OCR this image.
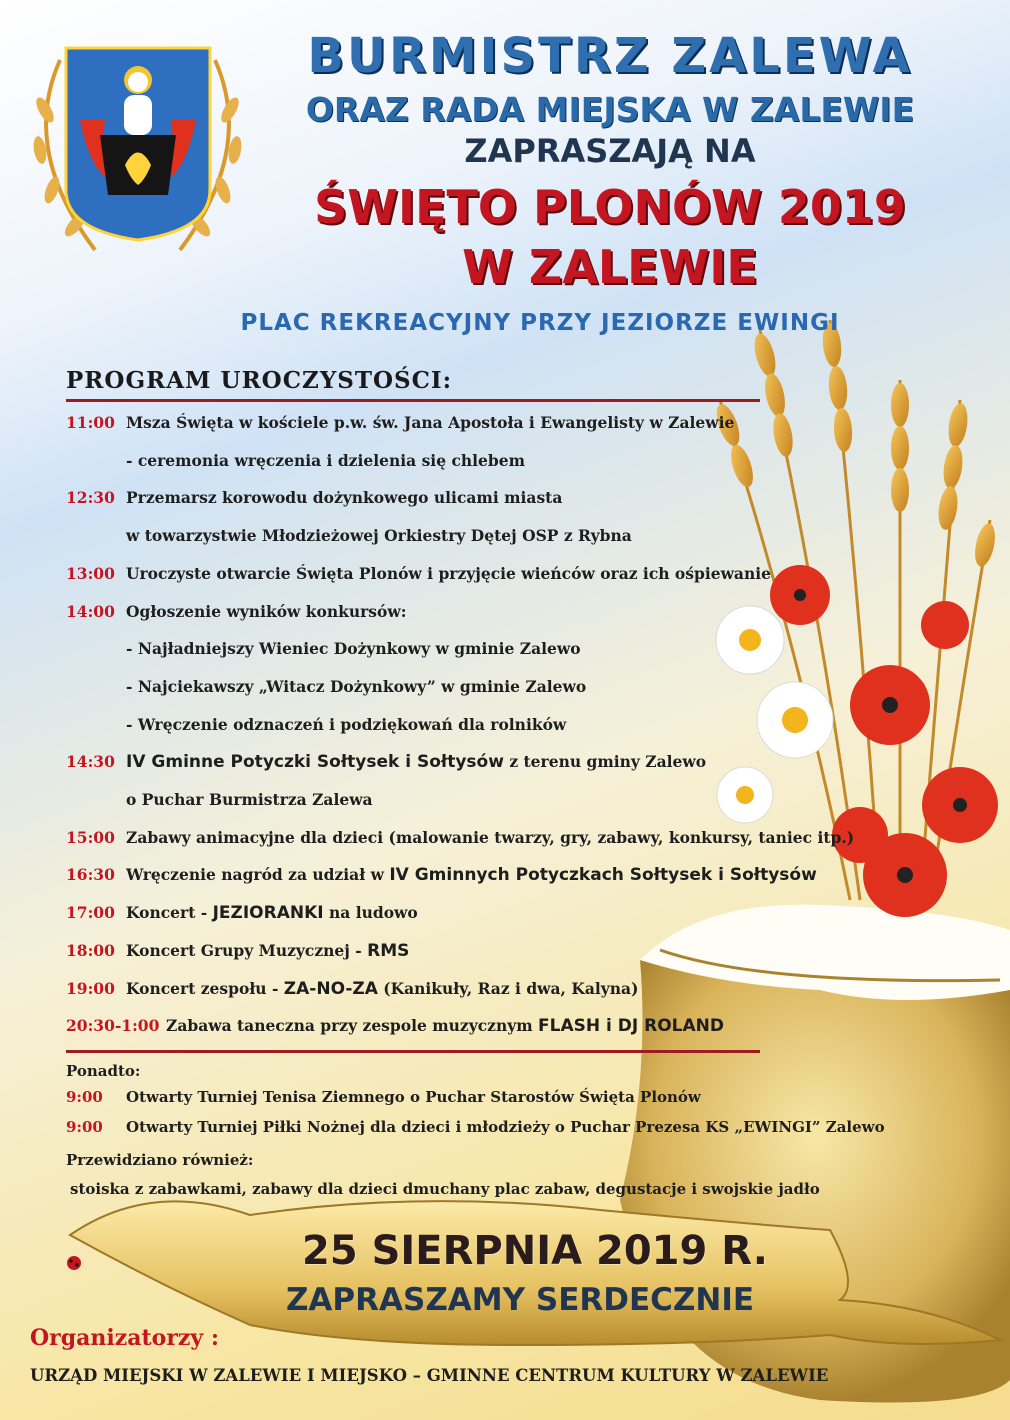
BURMISTRZ ZALEWA
ORAZ RADA MIEJSKA W ZALEWIE
ZAPRASZAJĄ NA
ŚWIĘTO PLONÓW 2019
W ZALEWIE
PLAC REKREACYJNY PRZY JEZIORZE EWINGI
PROGRAM UROCZYSTOŚCI:
11:00 Msza Święta w kościele p.w. św. Jana Apostoła i Ewangelisty w Zalewie
- ceremonia wręczenia i dzielenia się chlebem
12:30 Przemarsz korowodu dożynkowego ulicami miasta
w towarzystwie Młodzieżowej Orkiestry Dętej OSP z Rybna
13:00 Uroczyste otwarcie Święta Plonów i przyjęcie wieńców oraz ich ośpiewanie
14:00 Ogłoszenie wyników konkursów:
- Najładniejszy Wieniec Dożynkowy w gminie Zalewo
- Najciekawszy „Witacz Dożynkowy” w gminie Zalewo
- Wręczenie odznaczeń i podziękowań dla rolników
14:30 IV Gminne Potyczki Sołtysek i Sołtysów z terenu gminy Zalewo
o Puchar Burmistrza Zalewa
15:00 Zabawy animacyjne dla dzieci (malowanie twarzy, gry, zabawy, konkursy, taniec itp.)
16:30 Wręczenie nagród za udział w IV Gminnych Potyczkach Sołtysek i Sołtysów
17:00 Koncert - JEZIORANKI na ludowo
18:00 Koncert Grupy Muzycznej - RMS
19:00 Koncert zespołu - ZA-NO-ZA (Kanikuły, Raz i dwa, Kalyna)
20:30-1:00 Zabawa taneczna przy zespole muzycznym FLASH i DJ ROLAND
Ponadto:
9:00 Otwarty Turniej Tenisa Ziemnego o Puchar Starostów Święta Plonów
9:00 Otwarty Turniej Piłki Nożnej dla dzieci i młodzieży o Puchar Prezesa KS „EWINGI” Zalewo
Przewidziano również:
stoiska z zabawkami, zabawy dla dzieci dmuchany plac zabaw, degustacje i swojskie jadło
25 SIERPNIA 2019 R.
ZAPRASZAMY SERDECZNIE
Organizatorzy :
URZĄD MIEJSKI W ZALEWIE I MIEJSKO – GMINNE CENTRUM KULTURY W ZALEWIE
